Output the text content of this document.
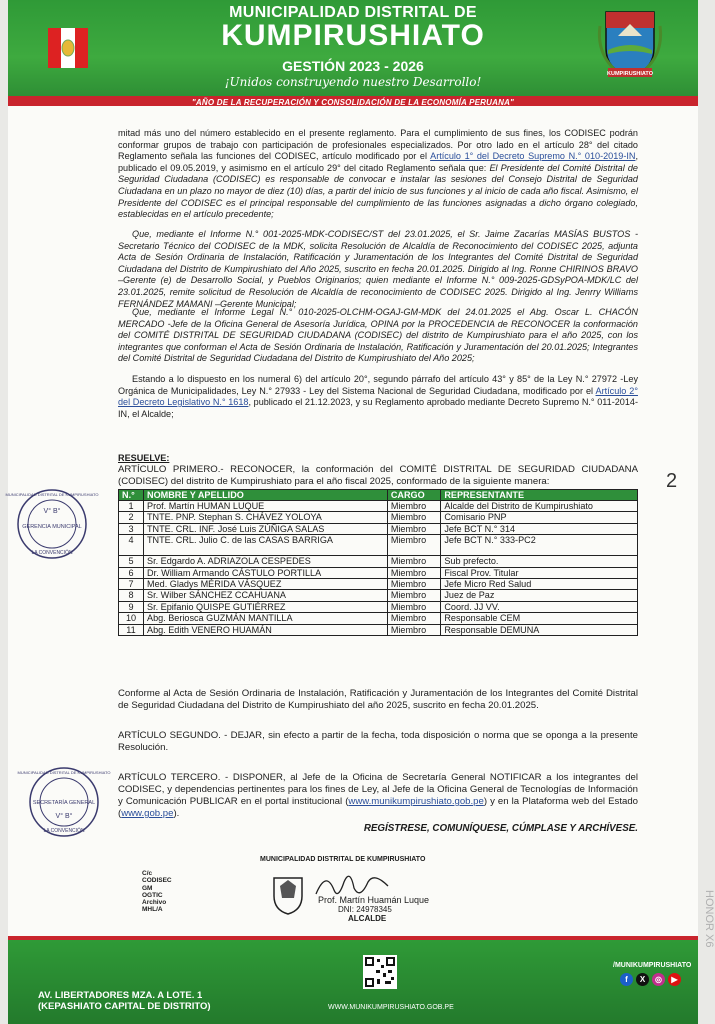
MUNICIPALIDAD DISTRITAL DE
KUMPIRUSHIATO
GESTIÓN 2023 - 2026
¡Unidos construyendo nuestro Desarrollo!
KUMPIRUSHIATO
"AÑO DE LA RECUPERACIÓN Y CONSOLIDACIÓN DE LA ECONOMÍA PERUANA"
mitad más uno del número establecido en el presente reglamento. Para el cumplimiento de sus fines, los CODISEC podrán conformar grupos de trabajo con participación de profesionales especializados. Por otro lado en el artículo 28° del citado Reglamento señala las funciones del CODISEC, artículo modificado por el Artículo 1° del Decreto Supremo N.° 010-2019-IN, publicado el 09.05.2019, y asimismo en el artículo 29° del citado Reglamento señala que: El Presidente del Comité Distrital de Seguridad Ciudadana (CODISEC) es responsable de convocar e instalar las sesiones del Consejo Distrital de Seguridad Ciudadana en un plazo no mayor de diez (10) días, a partir del inicio de sus funciones y al inicio de cada año fiscal. Asimismo, el Presidente del CODISEC es el principal responsable del cumplimiento de las funciones asignadas a dicho órgano colegiado, establecidas en el artículo precedente;
Que, mediante el Informe N.° 001-2025-MDK-CODISEC/ST del 23.01.2025, el Sr. Jaime Zacarías MASÍAS BUSTOS - Secretario Técnico del CODISEC de la MDK, solicita Resolución de Alcaldía de Reconocimiento del CODISEC 2025, adjunta Acta de Sesión Ordinaria de Instalación, Ratificación y Juramentación de los Integrantes del Comité Distrital de Seguridad Ciudadana del Distrito de Kumpirushiato del Año 2025, suscrito en fecha 20.01.2025. Dirigido al Ing. Ronne CHIRINOS BRAVO –Gerente (e) de Desarrollo Social, y Pueblos Originarios; quien mediante el Informe N.° 009-2025-GDSyPOA-MDK/LC del 23.01.2025, remite solicitud de Resolución de Alcaldía de reconocimiento de CODISEC 2025. Dirigido al Ing. Jenrry Williams FERNÁNDEZ MAMANI –Gerente Municipal;
Que, mediante el Informe Legal N.° 010-2025-OLCHM-OGAJ-GM-MDK del 24.01.2025 el Abg. Oscar L. CHACÓN MERCADO -Jefe de la Oficina General de Asesoría Jurídica, OPINA por la PROCEDENCIA de RECONOCER la conformación del COMITÉ DISTRITAL DE SEGURIDAD CIUDADANA (CODISEC) del distrito de Kumpirushiato para el año 2025, con los integrantes que conforman el Acta de Sesión Ordinaria de Instalación, Ratificación y Juramentación del 20.01.2025; Integrantes del Comité Distrital de Seguridad Ciudadana del Distrito de Kumpirushiato del Año 2025;
Estando a lo dispuesto en los numeral 6) del artículo 20°, segundo párrafo del artículo 43° y 85° de la Ley N.° 27972 -Ley Orgánica de Municipalidades, Ley N.° 27933 - Ley del Sistema Nacional de Seguridad Ciudadana, modificado por el Artículo 2° del Decreto Legislativo N.° 1618, publicado el 21.12.2023, y su Reglamento aprobado mediante Decreto Supremo N.° 011-2014-IN, el Alcalde;
RESUELVE:
ARTÍCULO PRIMERO.- RECONOCER, la conformación del COMITÉ DISTRITAL DE SEGURIDAD CIUDADANA (CODISEC) del distrito de Kumpirushiato para el año fiscal 2025, conformado de la siguiente manera:
N.°	NOMBRE Y APELLIDO	CARGO	REPRESENTANTE
1	Prof. Martín HUMAN LUQUE	Miembro	Alcalde del Distrito de Kumpirushiato
2	TNTE. PNP. Stephan S. CHÁVEZ YOLOYA	Miembro	Comisario PNP
3	TNTE. CRL. INF. José Luis ZÚÑIGA SALAS	Miembro	Jefe BCT N.° 314
4	TNTE. CRL. Julio C. de las CASAS BARRIGA	Miembro	Jefe BCT N.° 333-PC2
5	Sr. Edgardo A. ADRIAZOLA CESPEDES	Miembro	Sub prefecto.
6	Dr. William Armando CÁSTULO PORTILLA	Miembro	Fiscal Prov. Titular
7	Med. Gladys MÉRIDA VÁSQUEZ	Miembro	Jefe Micro Red Salud
8	Sr. Wilber SÁNCHEZ CCAHUANA	Miembro	Juez de Paz
9	Sr. Epifanio QUISPE GUTIÉRREZ	Miembro	Coord. JJ VV.
10	Abg. Beriosca GUZMÁN MANTILLA	Miembro	Responsable CEM
11	Abg. Edith VENERO HUAMÁN	Miembro	Responsable DEMUNA
V° B°
GERENCIA MUNICIPAL
LA CONVENCIÓN
MUNICIPALIDAD DISTRITAL DE KUMPIRUSHIATO
2
Conforme al Acta de Sesión Ordinaria de Instalación, Ratificación y Juramentación de los Integrantes del Comité Distrital de Seguridad Ciudadana del Distrito de Kumpirushiato del año 2025, suscrito en fecha 20.01.2025.
ARTÍCULO SEGUNDO. - DEJAR, sin efecto a partir de la fecha, toda disposición o norma que se oponga a la presente Resolución.
V° B°
SECRETARÍA GENERAL
LA CONVENCIÓN
MUNICIPALIDAD DISTRITAL DE KUMPIRUSHIATO ARTÍCULO TERCERO. - DISPONER, al Jefe de la Oficina de Secretaría General NOTIFICAR a los integrantes del CODISEC, y dependencias pertinentes para los fines de Ley, al Jefe de la Oficina General de Tecnologías de Información y Comunicación PUBLICAR en el portal institucional (www.munikumpirushiato.gob.pe) y en la Plataforma web del Estado (www.gob.pe).
REGÍSTRESE, COMUNÍQUESE, CÚMPLASE Y ARCHÍVESE.
C/c
CODISEC
GM
OGTIC
Archivo
MHL/A
MUNICIPALIDAD DISTRITAL DE KUMPIRUSHIATO
Prof. Martín Huamán Luque
DNI: 24978345
ALCALDE
AV. LIBERTADORES MZA. A LOTE. 1
(KEPASHIATO CAPITAL DE DISTRITO)	WWW.MUNIKUMPIRUSHIATO.GOB.PE
/MUNIKUMPIRUSHIATO
f	X	◎	▶
HONOR X6
